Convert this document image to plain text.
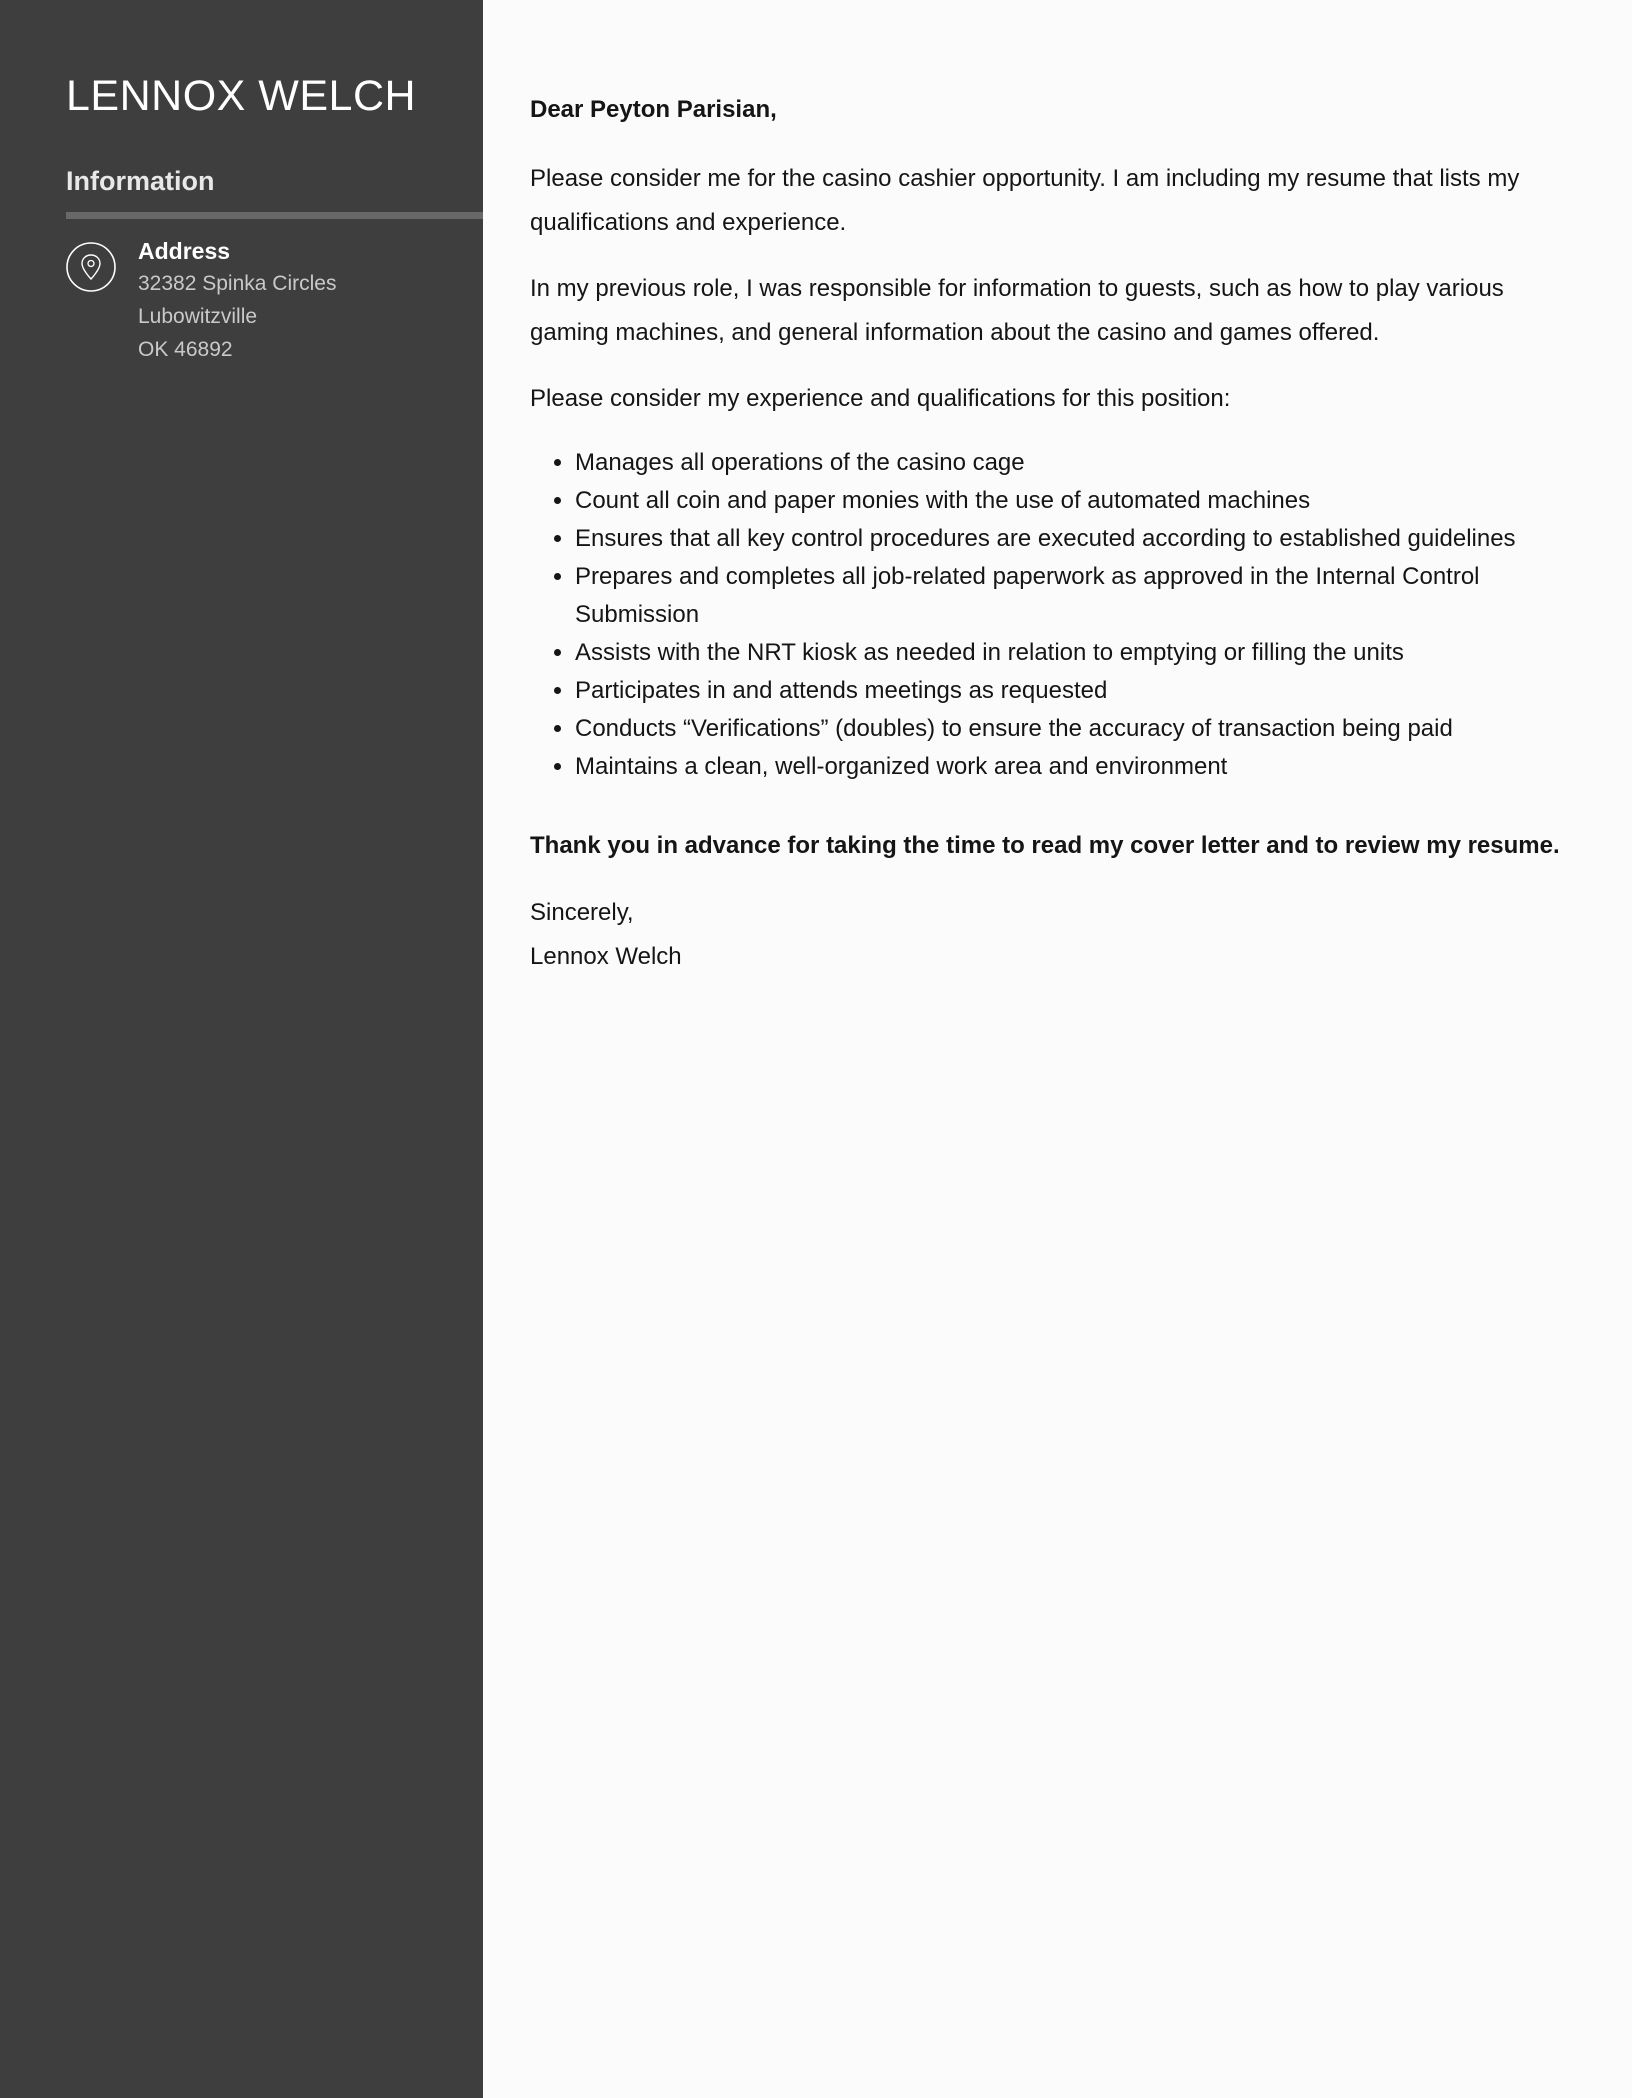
LENNOX WELCH
Information
Address
32382 Spinka Circles
Lubowitzville
OK 46892
Dear Peyton Parisian,

Please consider me for the casino cashier opportunity. I am including my resume that lists my qualifications and experience.

In my previous role, I was responsible for information to guests, such as how to play various gaming machines, and general information about the casino and games offered.

Please consider my experience and qualifications for this position:

• Manages all operations of the casino cage
• Count all coin and paper monies with the use of automated machines
• Ensures that all key control procedures are executed according to established guidelines
• Prepares and completes all job-related paperwork as approved in the Internal Control Submission
• Assists with the NRT kiosk as needed in relation to emptying or filling the units
• Participates in and attends meetings as requested
• Conducts “Verifications” (doubles) to ensure the accuracy of transaction being paid
• Maintains a clean, well-organized work area and environment
Thank you in advance for taking the time to read my cover letter and to review my resume.
Sincerely,
Lennox Welch
